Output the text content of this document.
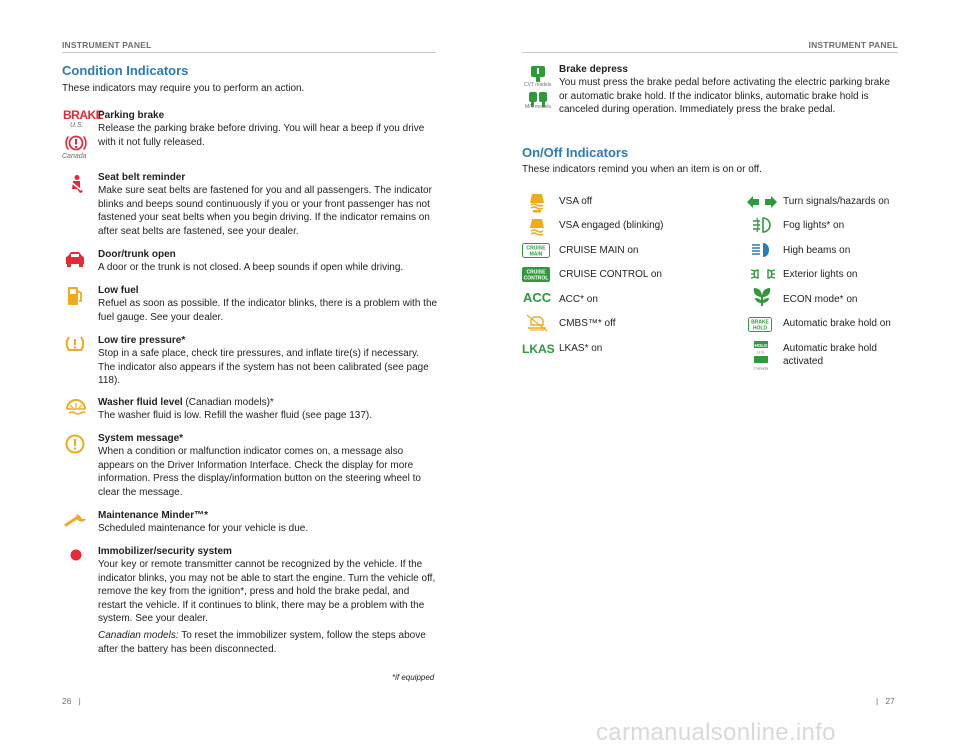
INSTRUMENT PANEL	INSTRUMENT PANEL
Condition Indicators
These indicators may require you to perform an action.
BRAKE
U.S.
Canada
Parking brake
Release the parking brake before driving. You will hear a beep if you drive with it not fully released.
Seat belt reminder
Make sure seat belts are fastened for you and all passengers. The indicator blinks and beeps sound continuously if you or your front passenger has not fastened your seat belts when you begin driving. If the indicator remains on after seat belts are fastened, see your dealer.
Door/trunk open
A door or the trunk is not closed. A beep sounds if open while driving.
Low fuel
Refuel as soon as possible. If the indicator blinks, there is a problem with the fuel gauge. See your dealer.
Low tire pressure*
Stop in a safe place, check tire pressures, and inflate tire(s) if necessary. The indicator also appears if the system has not been calibrated (see page 118).
Washer fluid level (Canadian models)*
The washer fluid is low. Refill the washer fluid (see page 137).
System message*
When a condition or malfunction indicator comes on, a message also appears on the Driver Information Interface. Check the display for more information. Press the display/information button on the steering wheel to clear the message.
Maintenance Minder™*
Scheduled maintenance for your vehicle is due.
Immobilizer/security system
Your key or remote transmitter cannot be recognized by the vehicle. If the indicator blinks, you may not be able to start the engine. Turn the vehicle off, remove the key from the ignition*, press and hold the brake pedal, and restart the vehicle. If it continues to blink, there may be a problem with the system. See your dealer.
Canadian models: To reset the immobilizer system, follow the steps above after the battery has been disconnected.
*if equipped
CVT models
M/T models
Brake depress
You must press the brake pedal before activating the electric parking brake or automatic brake hold. If the indicator blinks, automatic brake hold is canceled during operation. Immediately press the brake pedal.
On/Off Indicators
These indicators remind you when an item is on or off.
VSA off
VSA engaged (blinking)
CRUISE
MAIN CRUISE MAIN on
CRUISE
CONTROL CRUISE CONTROL on
ACC ACC* on
CMBS™* off
LKAS LKAS* on
Turn signals/hazards on
Fog lights* on
High beams on
Exterior lights on
ECON mode* on
BRAKE
HOLD Automatic brake hold on
HOLD
U.S.
Canada
Automatic brake hold
activated
26 |	| 27
carmanualsonline.info
